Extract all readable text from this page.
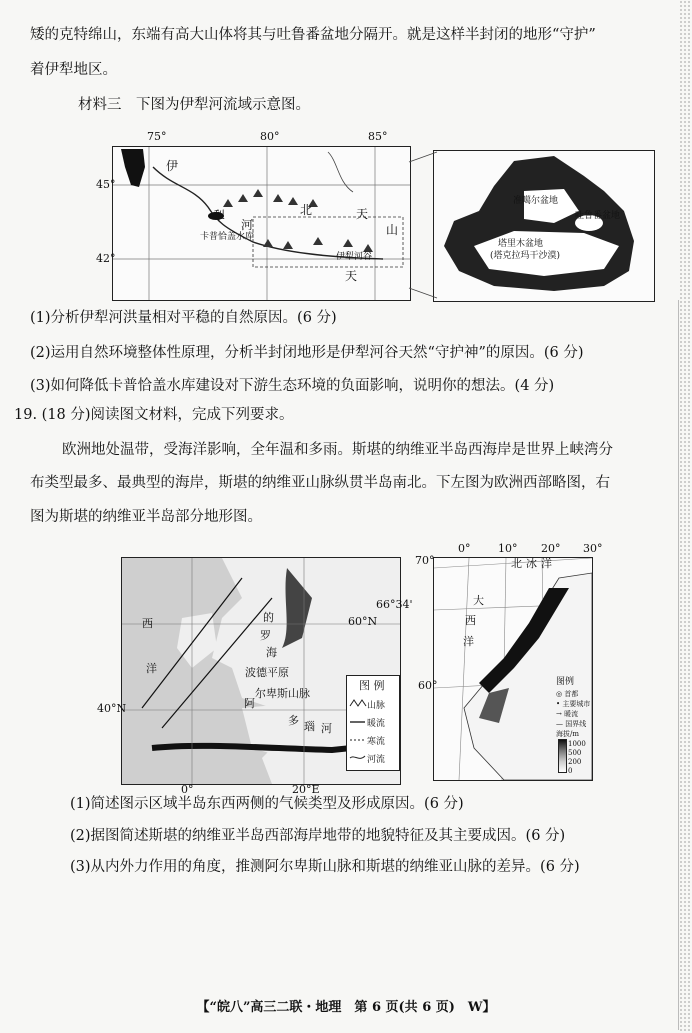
矮的克特绵山，东端有高大山体将其与吐鲁番盆地分隔开。就是这样半封闭的地形“守护”
着伊犁地区。
材料三　下图为伊犁河流域示意图。
75°	80°	85°
45°
42°
伊
犁
河
北	天
山
天
卡普恰盖水库
伊犁河谷
准噶尔盆地
吐鲁番盆地
塔里木盆地
(塔克拉玛干沙漠)
(1)分析伊犁河洪量相对平稳的自然原因。(6 分)
(2)运用自然环境整体性原理，分析半封闭地形是伊犁河谷天然“守护神”的原因。(6 分)
(3)如何降低卡普恰盖水库建设对下游生态环境的负面影响，说明你的想法。(4 分)
19. (18 分)阅读图文材料，完成下列要求。
欧洲地处温带，受海洋影响，全年温和多雨。斯堪的纳维亚半岛西海岸是世界上峡湾分
布类型最多、最典型的海岸，斯堪的纳维亚山脉纵贯半岛南北。下左图为欧洲西部略图，右
图为斯堪的纳维亚半岛部分地形图。
60°N
40°N
0°	20°E
西
洋	波德平原
阿
尔卑斯山脉
多 瑙 河
罗
的
海
图 例
山脉
暖流
寒流
河流
0°	10° 20° 30°
70°
66°34'
60°
北 冰 洋
大
西
洋
图例
◎ 首都
• 主要城市
→ 暖流
— 国界线
海拔/m
1000
500
200
0
(1)简述图示区域半岛东西两侧的气候类型及形成原因。(6 分)
(2)据图简述斯堪的纳维亚半岛西部海岸地带的地貌特征及其主要成因。(6 分)
(3)从内外力作用的角度，推测阿尔卑斯山脉和斯堪的纳维亚山脉的差异。(6 分)
【“皖八”高三二联・地理　第 6 页(共 6 页)　W】
